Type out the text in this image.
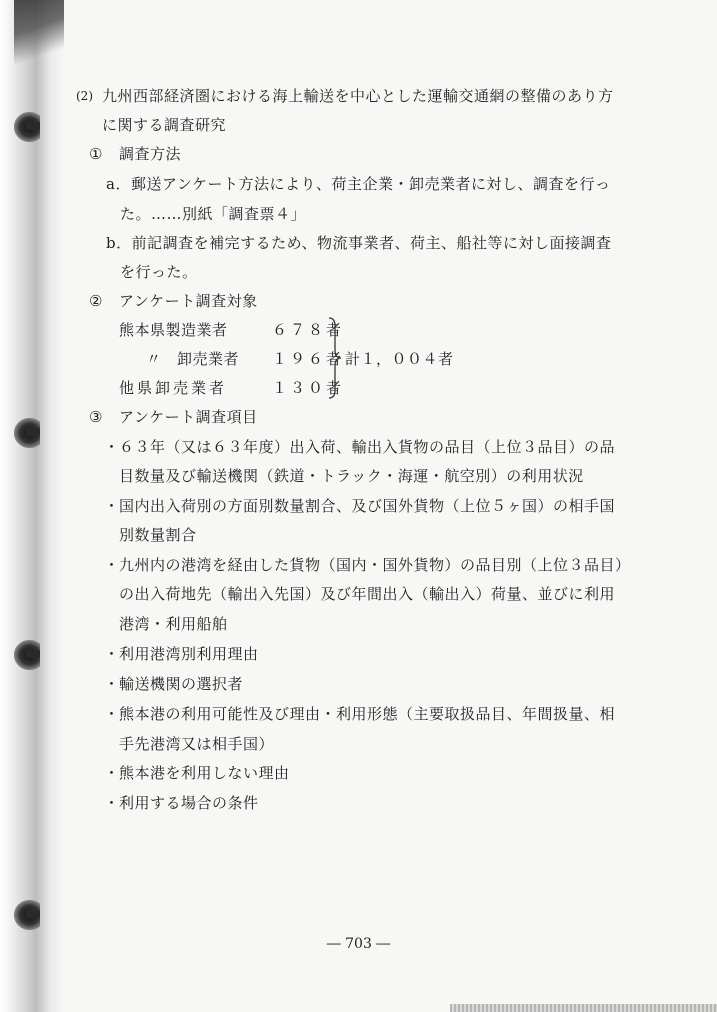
(2) 九州西部経済圏における海上輸送を中心とした運輸交通網の整備のあり方
に関する調査研究
① 調査方法
a．郵送アンケート方法により、荷主企業・卸売業者に対し、調査を行っ
た。……別紙「調査票４」
b．前記調査を補完するため、物流事業者、荷主、船社等に対し面接調査
を行った。
② アンケート調査対象
熊本県製造業者	６７８者
〃　卸売業者 １９６者
他県卸売業者	１３０者
計１，００４者
③ アンケート調査項目
・ ６３年（又は６３年度）出入荷、輸出入貨物の品目（上位３品目）の品
目数量及び輸送機関（鉄道・トラック・海運・航空別）の利用状況
・ 国内出入荷別の方面別数量割合、及び国外貨物（上位５ヶ国）の相手国
別数量割合
・ 九州内の港湾を経由した貨物（国内・国外貨物）の品目別（上位３品目）
の出入荷地先（輸出入先国）及び年間出入（輸出入）荷量、並びに利用
港湾・利用船舶
・ 利用港湾別利用理由
・ 輸送機関の選択者
・ 熊本港の利用可能性及び理由・利用形態（主要取扱品目、年間扱量、相
手先港湾又は相手国）
・ 熊本港を利用しない理由
・ 利用する場合の条件
― 703 ―
